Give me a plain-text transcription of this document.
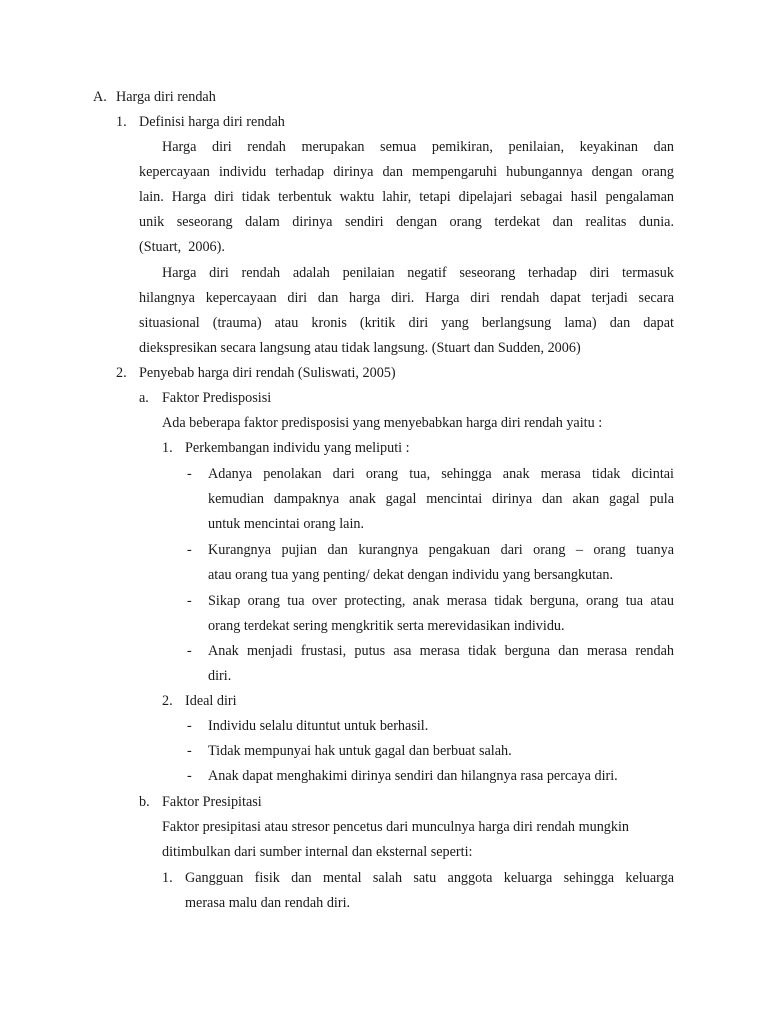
A. Harga diri rendah
1. Definisi harga diri rendah
Harga diri rendah merupakan semua pemikiran, penilaian, keyakinan dan
kepercayaan individu terhadap dirinya dan mempengaruhi hubungannya dengan orang
lain. Harga diri tidak terbentuk waktu lahir, tetapi dipelajari sebagai hasil pengalaman
unik seseorang dalam dirinya sendiri dengan orang terdekat dan realitas dunia.
(Stuart,  2006).
Harga diri rendah adalah penilaian negatif seseorang terhadap diri termasuk
hilangnya kepercayaan diri dan harga diri. Harga diri rendah dapat terjadi secara
situasional (trauma) atau kronis (kritik diri yang berlangsung lama) dan dapat
diekspresikan secara langsung atau tidak langsung. (Stuart dan Sudden, 2006)
2. Penyebab harga diri rendah (Suliswati, 2005)
a. Faktor Predisposisi
Ada beberapa faktor predisposisi yang menyebabkan harga diri rendah yaitu :
1. Perkembangan individu yang meliputi :
- Adanya penolakan dari orang tua, sehingga anak merasa tidak dicintai
kemudian dampaknya anak gagal mencintai dirinya dan akan gagal pula
untuk mencintai orang lain.
- Kurangnya pujian dan kurangnya pengakuan dari orang – orang tuanya
atau orang tua yang penting/ dekat dengan individu yang bersangkutan.
- Sikap orang tua over protecting, anak merasa tidak berguna, orang tua atau
orang terdekat sering mengkritik serta merevidasikan individu.
- Anak menjadi frustasi, putus asa merasa tidak berguna dan merasa rendah
diri.
2. Ideal diri
- Individu selalu dituntut untuk berhasil.
- Tidak mempunyai hak untuk gagal dan berbuat salah.
- Anak dapat menghakimi dirinya sendiri dan hilangnya rasa percaya diri.
b. Faktor Presipitasi
Faktor presipitasi atau stresor pencetus dari munculnya harga diri rendah mungkin
ditimbulkan dari sumber internal dan eksternal seperti:
1. Gangguan fisik dan mental salah satu anggota keluarga sehingga keluarga
merasa malu dan rendah diri.
